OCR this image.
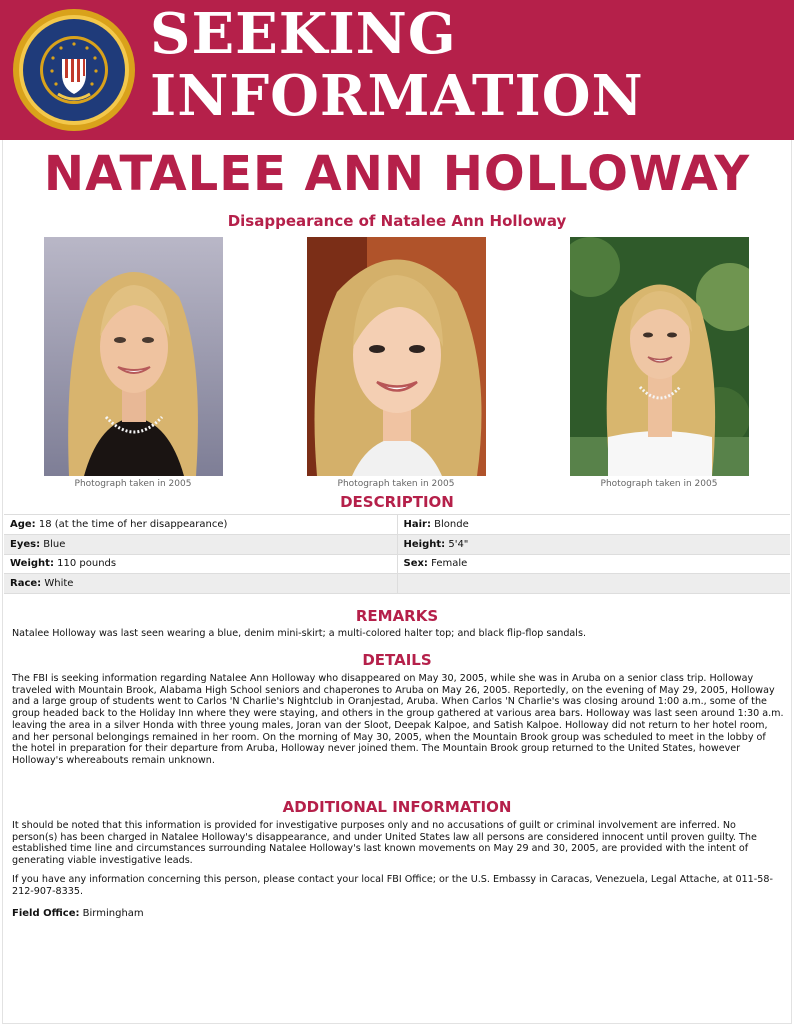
SEEKING
INFORMATION
NATALEE ANN HOLLOWAY
Disappearance of Natalee Ann Holloway
Photograph taken in 2005	Photograph taken in 2005	Photograph taken in 2005
DESCRIPTION
Age: 18 (at the time of her disappearance)	Hair: Blonde
Eyes: Blue	Height: 5'4"
Weight: 110 pounds	Sex: Female
Race: White	
REMARKS
Natalee Holloway was last seen wearing a blue, denim mini-skirt; a multi-colored halter top; and black flip-flop sandals.
DETAILS
The FBI is seeking information regarding Natalee Ann Holloway who disappeared on May 30, 2005, while she was in Aruba on a senior class trip. Holloway traveled with Mountain Brook, Alabama High School seniors and chaperones to Aruba on May 26, 2005. Reportedly, on the evening of May 29, 2005, Holloway and a large group of students went to Carlos 'N Charlie's Nightclub in Oranjestad, Aruba. When Carlos 'N Charlie's was closing around 1:00 a.m., some of the group headed back to the Holiday Inn where they were staying, and others in the group gathered at various area bars. Holloway was last seen around 1:30 a.m. leaving the area in a silver Honda with three young males, Joran van der Sloot, Deepak Kalpoe, and Satish Kalpoe. Holloway did not return to her hotel room, and her personal belongings remained in her room. On the morning of May 30, 2005, when the Mountain Brook group was scheduled to meet in the lobby of the hotel in preparation for their departure from Aruba, Holloway never joined them. The Mountain Brook group returned to the United States, however Holloway's whereabouts remain unknown.
ADDITIONAL INFORMATION
It should be noted that this information is provided for investigative purposes only and no accusations of guilt or criminal involvement are inferred. No person(s) has been charged in Natalee Holloway's disappearance, and under United States law all persons are considered innocent until proven guilty. The established time line and circumstances surrounding Natalee Holloway's last known movements on May 29 and 30, 2005, are provided with the intent of generating viable investigative leads.
If you have any information concerning this person, please contact your local FBI Office; or the U.S. Embassy in Caracas, Venezuela, Legal Attache, at 011-58-212-907-8335.
Field Office: Birmingham
